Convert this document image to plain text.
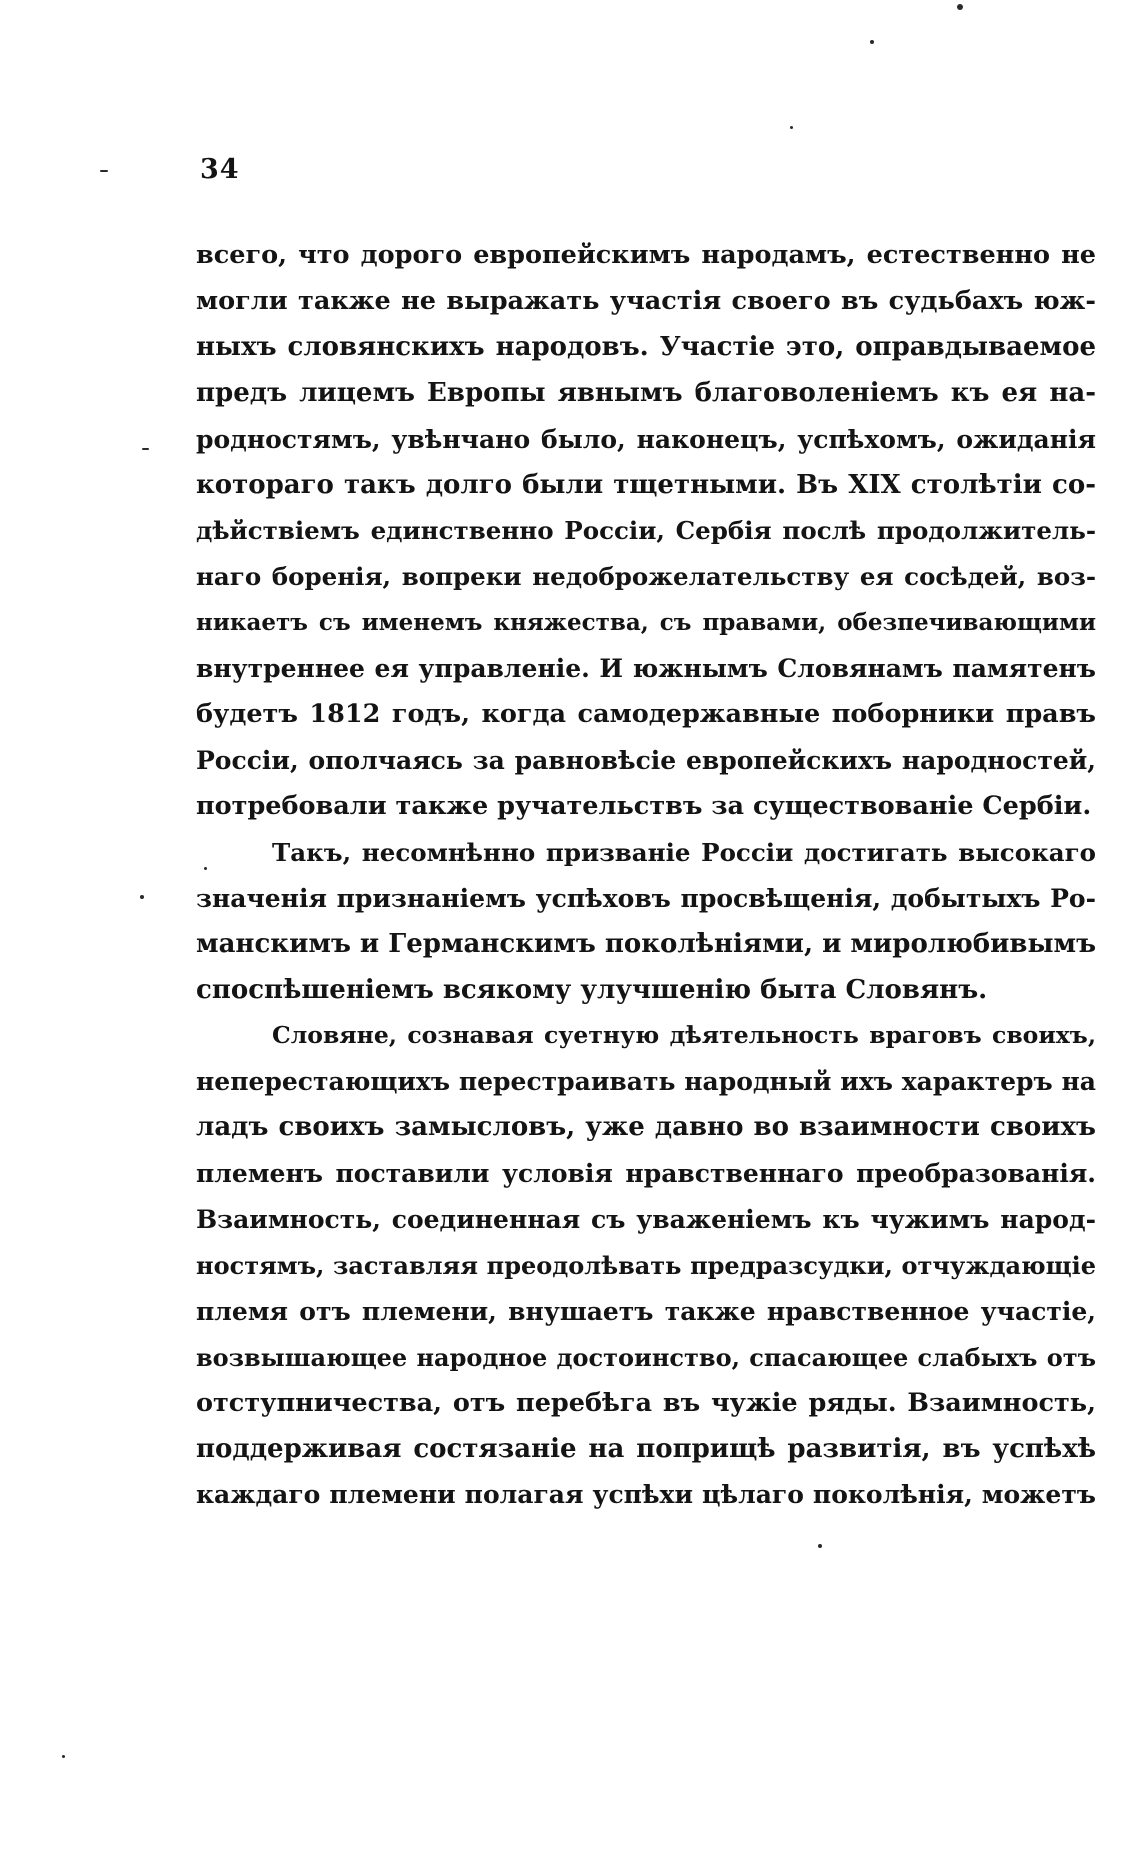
34

всего, что дорого европейскимъ народамъ, естественно не
могли также не выражать участія своего въ судьбахъ юж-
ныхъ словянскихъ народовъ. Участіе это, оправдываемое
предъ лицемъ Европы явнымъ благоволеніемъ къ ея на-
родностямъ, увѣнчано было, наконецъ, успѣхомъ, ожиданія
котораго такъ долго были тщетными. Въ XIX столѣтіи со-
дѣйствіемъ единственно Россіи, Сербія послѣ продолжитель-
наго боренія, вопреки недоброжелательству ея сосѣдей, воз-
никаетъ съ именемъ княжества, съ правами, обезпечивающими
внутреннее ея управленіе. И южнымъ Словянамъ памятенъ
будетъ 1812 годъ, когда самодержавные поборники правъ
Россіи, ополчаясь за равновѣсіе европейскихъ народностей,
потребовали также ручательствъ за существованіе Сербіи.

Такъ, несомнѣнно призваніе Россіи достигать высокаго
значенія признаніемъ успѣховъ просвѣщенія, добытыхъ Ро-
манскимъ и Германскимъ поколѣніями, и миролюбивымъ
споспѣшеніемъ всякому улучшенію быта Словянъ.

Словяне, сознавая суетную дѣятельность враговъ своихъ,
неперестающихъ перестраивать народный ихъ характеръ на
ладъ своихъ замысловъ, уже давно во взаимности своихъ
племенъ поставили условія нравственнаго преобразованія.
Взаимность, соединенная съ уваженіемъ къ чужимъ народ-
ностямъ, заставляя преодолѣвать предразсудки, отчуждающіе
племя отъ племени, внушаетъ также нравственное участіе,
возвышающее народное достоинство, спасающее слабыхъ отъ
отступничества, отъ перебѣга въ чужіе ряды. Взаимность,
поддерживая состязаніе на поприщѣ развитія, въ успѣхѣ
каждаго племени полагая успѣхи цѣлаго поколѣнія, можетъ
